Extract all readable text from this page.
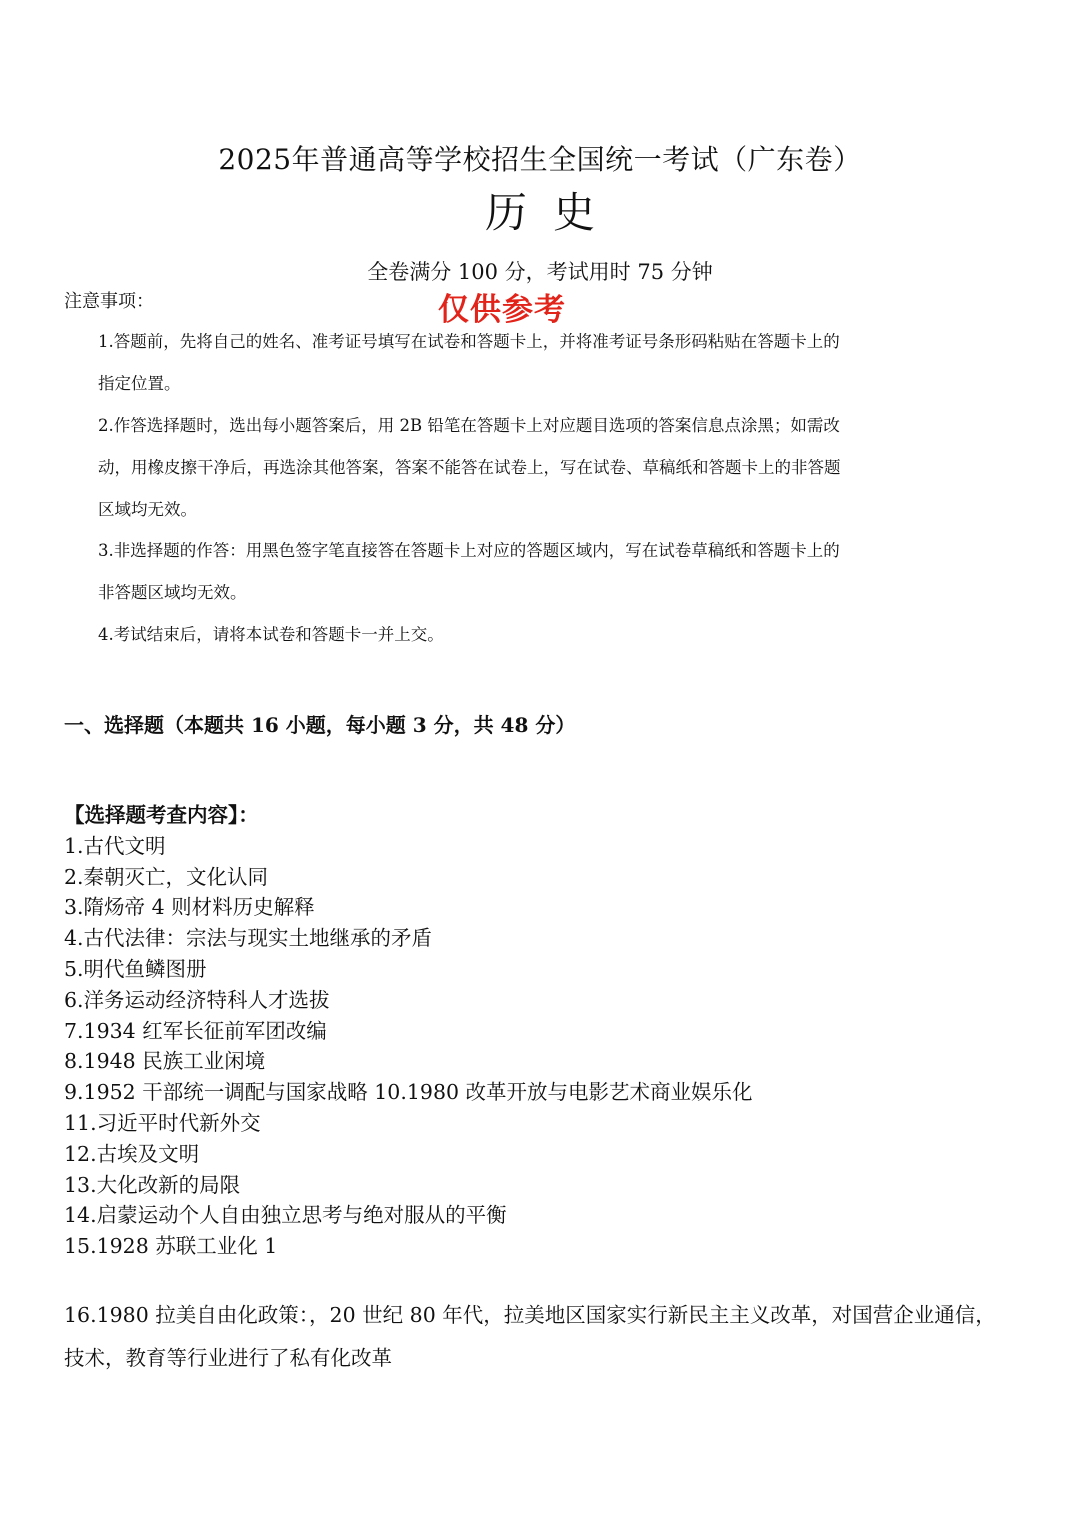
2025年普通高等学校招生全国统一考试（广东卷）
历史
全卷满分 100 分，考试用时 75 分钟
注意事项：	仅供参考

1.答题前，先将自己的姓名、准考证号填写在试卷和答题卡上，并将准考证号条形码粘贴在答题卡上的指定位置。

2.作答选择题时，选出每小题答案后，用 2B 铅笔在答题卡上对应题目选项的答案信息点涂黑；如需改动，用橡皮擦干净后，再选涂其他答案，答案不能答在试卷上，写在试卷、草稿纸和答题卡上的非答题区域均无效。

3.非选择题的作答：用黑色签字笔直接答在答题卡上对应的答题区域内，写在试卷草稿纸和答题卡上的非答题区域均无效。

4.考试结束后，请将本试卷和答题卡一并上交。

一、选择题（本题共 16 小题，每小题 3 分，共 48 分）
【选择题考查内容】：
1.古代文明
2.秦朝灭亡，文化认同
3.隋炀帝 4 则材料历史解释
4.古代法律：宗法与现实土地继承的矛盾
5.明代鱼鳞图册
6.洋务运动经济特科人才选拔
7.1934 红军长征前军团改编
8.1948 民族工业闲境
9.1952 干部统一调配与国家战略 10.1980 改革开放与电影艺术商业娱乐化
11.习近平时代新外交
12.古埃及文明
13.大化改新的局限
14.启蒙运动个人自由独立思考与绝对服从的平衡
15.1928 苏联工业化 1
16.1980 拉美自由化政策：，20 世纪 80 年代，拉美地区国家实行新民主主义改革，对国营企业通信，技术，教育等行业进行了私有化改革
